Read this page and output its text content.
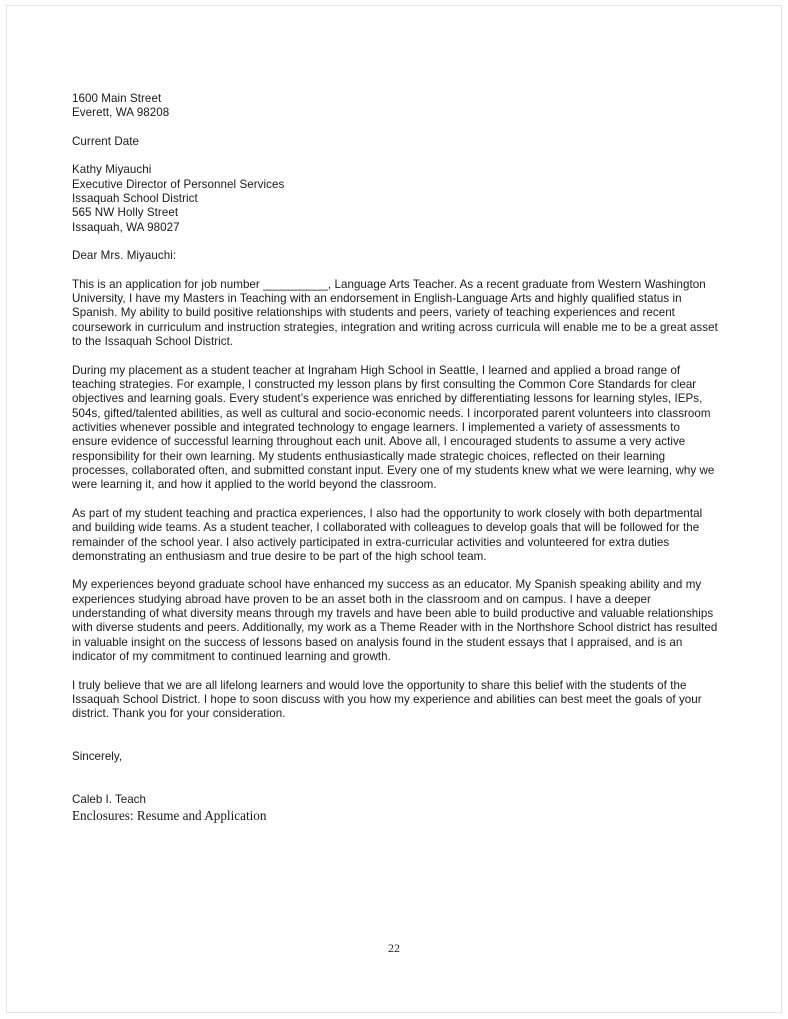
1600 Main Street
Everett, WA 98208
Current Date
Kathy Miyauchi
Executive Director of Personnel Services
Issaquah School District
565 NW Holly Street
Issaquah, WA 98027
Dear Mrs. Miyauchi:

This is an application for job number __________, Language Arts Teacher. As a recent graduate from Western Washington University, I have my Masters in Teaching with an endorsement in English-Language Arts and highly qualified status in Spanish. My ability to build positive relationships with students and peers, variety of teaching experiences and recent coursework in curriculum and instruction strategies, integration and writing across curricula will enable me to be a great asset to the Issaquah School District.

During my placement as a student teacher at Ingraham High School in Seattle, I learned and applied a broad range of teaching strategies. For example, I constructed my lesson plans by first consulting the Common Core Standards for clear objectives and learning goals. Every student’s experience was enriched by differentiating lessons for learning styles, IEPs, 504s, gifted/talented abilities, as well as cultural and socio-economic needs. I incorporated parent volunteers into classroom activities whenever possible and integrated technology to engage learners. I implemented a variety of assessments to ensure evidence of successful learning throughout each unit. Above all, I encouraged students to assume a very active responsibility for their own learning. My students enthusiastically made strategic choices, reflected on their learning processes, collaborated often, and submitted constant input. Every one of my students knew what we were learning, why we were learning it, and how it applied to the world beyond the classroom.

As part of my student teaching and practica experiences, I also had the opportunity to work closely with both departmental and building wide teams. As a student teacher, I collaborated with colleagues to develop goals that will be followed for the remainder of the school year. I also actively participated in extra-curricular activities and volunteered for extra duties demonstrating an enthusiasm and true desire to be part of the high school team.

My experiences beyond graduate school have enhanced my success as an educator. My Spanish speaking ability and my experiences studying abroad have proven to be an asset both in the classroom and on campus. I have a deeper understanding of what diversity means through my travels and have been able to build productive and valuable relationships with diverse students and peers. Additionally, my work as a Theme Reader with in the Northshore School district has resulted in valuable insight on the success of lessons based on analysis found in the student essays that I appraised, and is an indicator of my commitment to continued learning and growth.

I truly believe that we are all lifelong learners and would love the opportunity to share this belief with the students of the Issaquah School District. I hope to soon discuss with you how my experience and abilities can best meet the goals of your district. Thank you for your consideration.

Sincerely,
Caleb I. Teach
Enclosures: Resume and Application
22
